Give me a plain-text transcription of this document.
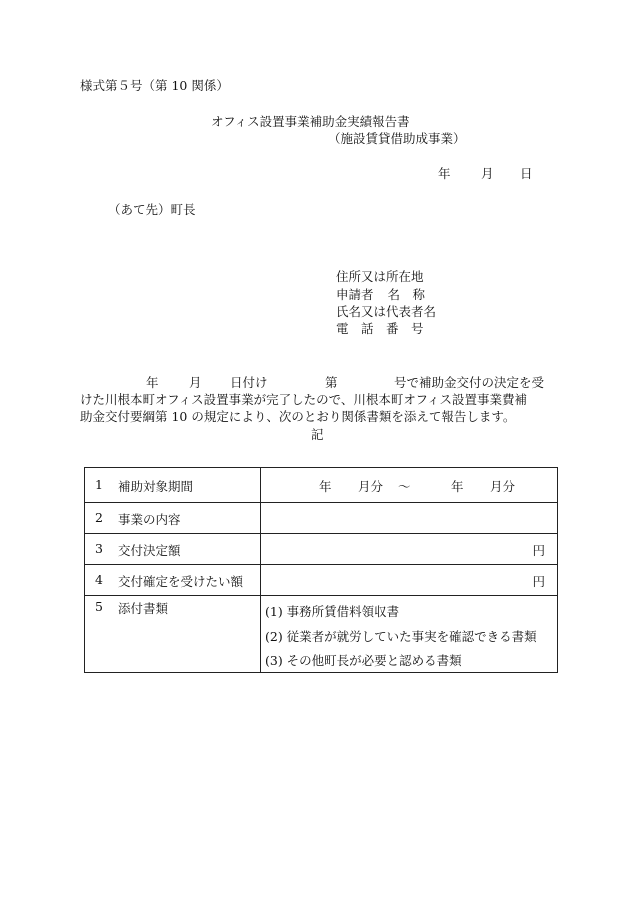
様式第５号（第 10 関係）
オフィス設置事業補助金実績報告書
（施設賃貸借助成事業）
年 月 日
（あて先）町長
住所又は所在地
申請者 名　称
氏名又は代表者名
電　話　番　号
年 月 日付け	第	号で補助金交付の決定を受
けた川根本町オフィス設置事業が完了したので、川根本町オフィス設置事業費補
助金交付要綱第 10 の規定により、次のとおり関係書類を添えて報告します。
記
1 補助対象期間	年 月分 ～ 年 月分

2 事業の内容	

3 交付決定額	円

4 交付確定を受けたい額	円

5 添付書類	(1) 事務所賃借料領収書
(2) 従業者が就労していた事実を確認できる書類
(3) その他町長が必要と認める書類
